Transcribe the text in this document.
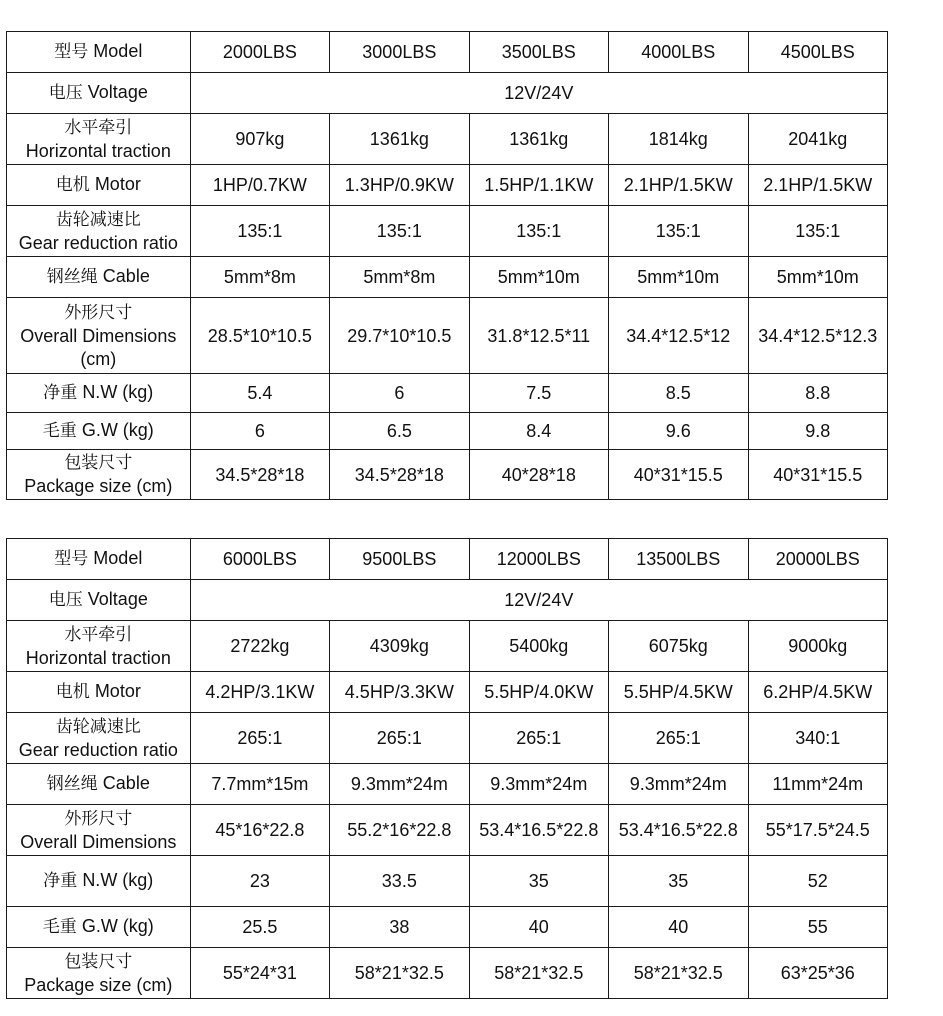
型号 Model	2000LBS	3000LBS	3500LBS	4000LBS	4500LBS
电压 Voltage	12V/24V				
水平牵引
Horizontal traction	907kg	1361kg	1361kg	1814kg	2041kg
电机 Motor	1HP/0.7KW	1.3HP/0.9KW	1.5HP/1.1KW	2.1HP/1.5KW	2.1HP/1.5KW
齿轮减速比
Gear reduction ratio	135:1	135:1	135:1	135:1	135:1
钢丝绳 Cable	5mm*8m	5mm*8m	5mm*10m	5mm*10m	5mm*10m
外形尺寸
Overall Dimensions
(cm)	28.5*10*10.5	29.7*10*10.5	31.8*12.5*11	34.4*12.5*12	34.4*12.5*12.3
净重 N.W (kg)	5.4	6	7.5	8.5	8.8
毛重 G.W (kg)	6	6.5	8.4	9.6	9.8
包装尺寸
Package size (cm)	34.5*28*18	34.5*28*18	40*28*18	40*31*15.5	40*31*15.5
型号 Model	6000LBS	9500LBS	12000LBS	13500LBS	20000LBS
电压 Voltage	12V/24V				
水平牵引
Horizontal traction	2722kg	4309kg	5400kg	6075kg	9000kg
电机 Motor	4.2HP/3.1KW	4.5HP/3.3KW	5.5HP/4.0KW	5.5HP/4.5KW	6.2HP/4.5KW
齿轮减速比
Gear reduction ratio	265:1	265:1	265:1	265:1	340:1
钢丝绳 Cable	7.7mm*15m	9.3mm*24m	9.3mm*24m	9.3mm*24m	11mm*24m
外形尺寸
Overall Dimensions	45*16*22.8	55.2*16*22.8	53.4*16.5*22.8	53.4*16.5*22.8	55*17.5*24.5
净重 N.W (kg)	23	33.5	35	35	52
毛重 G.W (kg)	25.5	38	40	40	55
包装尺寸
Package size (cm)	55*24*31	58*21*32.5	58*21*32.5	58*21*32.5	63*25*36
